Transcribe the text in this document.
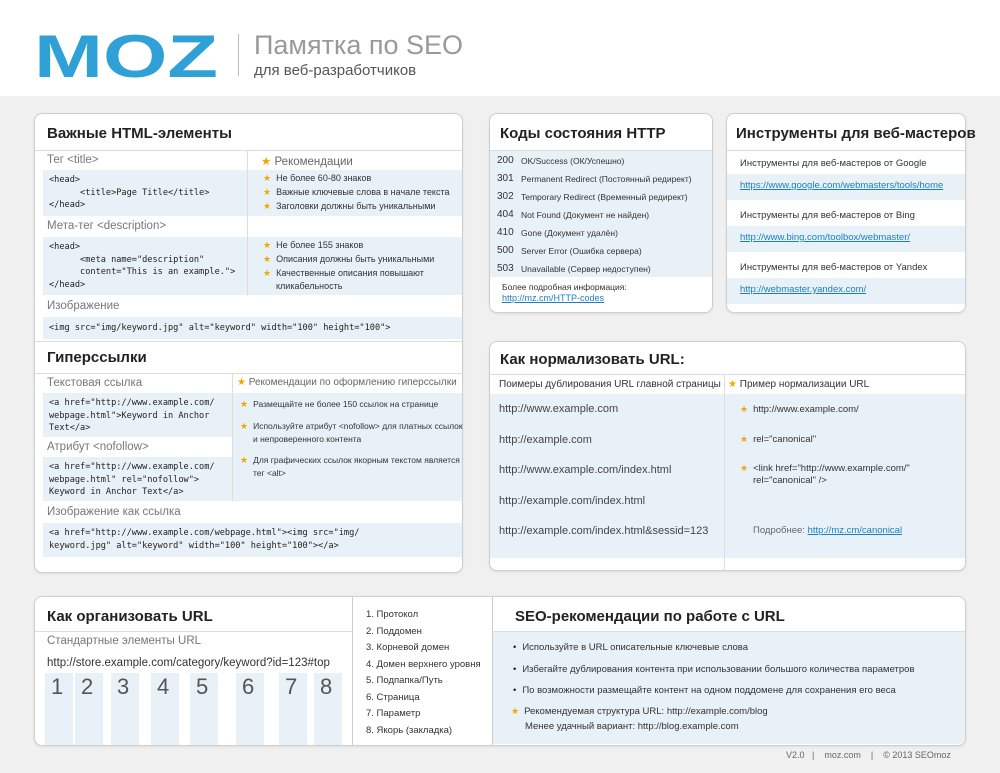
MOZ Памятка по SEO
для веб-разработчиков
Важные HTML-элементы
Тег <title>
<head>
<title>Page Title</title>
</head>
★ Рекомендации
★ Не более 60-80 знаков
★ Важные ключевые слова в начале текста
★ Заголовки должны быть уникальными
Мета-тег <description>
<head>
<meta name="description"
content="This is an example.">
</head>
★ Не более 155 знаков
★ Описания должны быть уникальными
★ Качественные описания повышают
кликабельность
Изображение
<img src="img/keyword.jpg" alt="keyword" width="100" height="100">
Гиперссылки
Текстовая ссылка
<a href="http://www.example.com/
webpage.html">Keyword in Anchor
Text</a>
Атрибут <nofollow>
<a href="http://www.example.com/
webpage.html" rel="nofollow">
Keyword in Anchor Text</a>
★ Рекомендации по оформлению гиперссылки
★ Размещайте не более 150 ссылок на странице
★ Используйте атрибут <nofollow> для платных ссылок
и непроверенного контента
★ Для графических ссылок якорным текстом является
тег <alt>
Изображение как ссылка
<a href="http://www.example.com/webpage.html"><img src="img/
keyword.jpg" alt="keyword" width="100" height="100"></a>
Коды состояния HTTP
200 OK/Success (ОК/Успешно)
301 Permanent Redirect (Постоянный редирект)
302 Temporary Redirect (Временный редирект)
404 Not Found (Документ не найден)
410 Gone (Документ удалён)
500 Server Error (Ошибка сервера)
503 Unavailable (Сервер недоступен)
Более подробная информация:
http://mz.cm/HTTP-codes
Инструменты для веб-мастеров
Инструменты для веб-мастеров от Google
https://www.google.com/webmasters/tools/home
Инструменты для веб-мастеров от Bing
http://www.bing.com/toolbox/webmaster/
Инструменты для веб-мастеров от Yandex
http://webmaster.yandex.com/
Как нормализовать URL:
Поимеры дублирования URL главной страницы
http://www.example.com
http://example.com
http://www.example.com/index.html
http://example.com/index.html
http://example.com/index.html&sessid=123
★ Пример нормализации URL
★ http://www.example.com/
★ rel="canonical"
★ <link href="http://www.example.com/"
rel="canonical" />
Подробнее: http://mz.cm/canonical
Как организовать URL
Стандартные элементы URL
http://store.example.com/category/keyword?id=123#top
1 2 3 4 5 6 7 8
1. Протокол
2. Поддомен
3. Корневой домен
4. Домен верхнего уровня
5. Подпапка/Путь
6. Страница
7. Параметр
8. Якорь (закладка)
SEO-рекомендации по работе с URL
• Используйте в URL описательные ключевые слова
• Избегайте дублирования контента при использовании большого количества параметров
• По возможности размещайте контент на одном поддомене для сохранения его веса
★ Рекомендуемая структура URL: http://example.com/blog
Менее удачный вариант: http://blog.example.com
V2.0   |    moz.com    |    © 2013 SEOmoz
